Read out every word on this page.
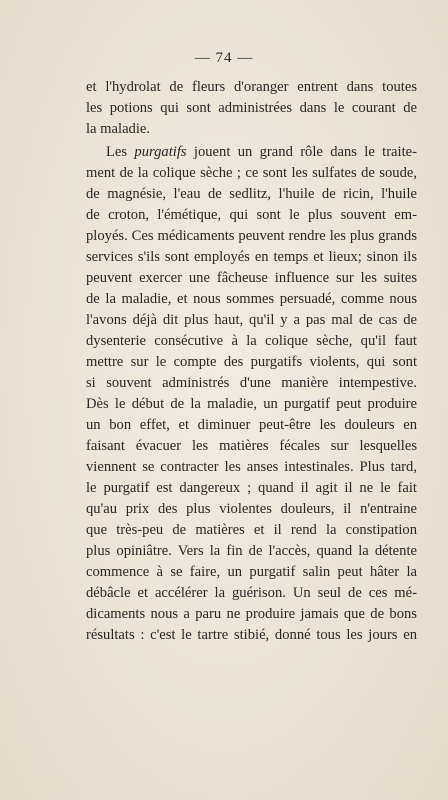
— 74 —
et l'hydrolat de fleurs d'oranger entrent dans toutes
les potions qui sont administrées dans le courant de
la maladie.
Les purgatifs jouent un grand rôle dans le traite-
ment de la colique sèche ; ce sont les sulfates de soude,
de magnésie, l'eau de sedlitz, l'huile de ricin, l'huile
de croton, l'émétique, qui sont le plus souvent em-
ployés. Ces médicaments peuvent rendre les plus grands
services s'ils sont employés en temps et lieux; sinon ils
peuvent exercer une fâcheuse influence sur les suites
de la maladie, et nous sommes persuadé, comme nous
l'avons déjà dit plus haut, qu'il y a pas mal de cas de
dysenterie consécutive à la colique sèche, qu'il faut
mettre sur le compte des purgatifs violents, qui sont
si souvent administrés d'une manière intempestive.
Dès le début de la maladie, un purgatif peut produire
un bon effet, et diminuer peut-être les douleurs en
faisant évacuer les matières fécales sur lesquelles
viennent se contracter les anses intestinales. Plus tard,
le purgatif est dangereux ; quand il agit il ne le fait
qu'au prix des plus violentes douleurs, il n'entraine
que très-peu de matières et il rend la constipation
plus opiniâtre. Vers la fin de l'accès, quand la détente
commence à se faire, un purgatif salin peut hâter la
débâcle et accélérer la guérison. Un seul de ces mé-
dicaments nous a paru ne produire jamais que de bons
résultats : c'est le tartre stibié, donné tous les jours en
